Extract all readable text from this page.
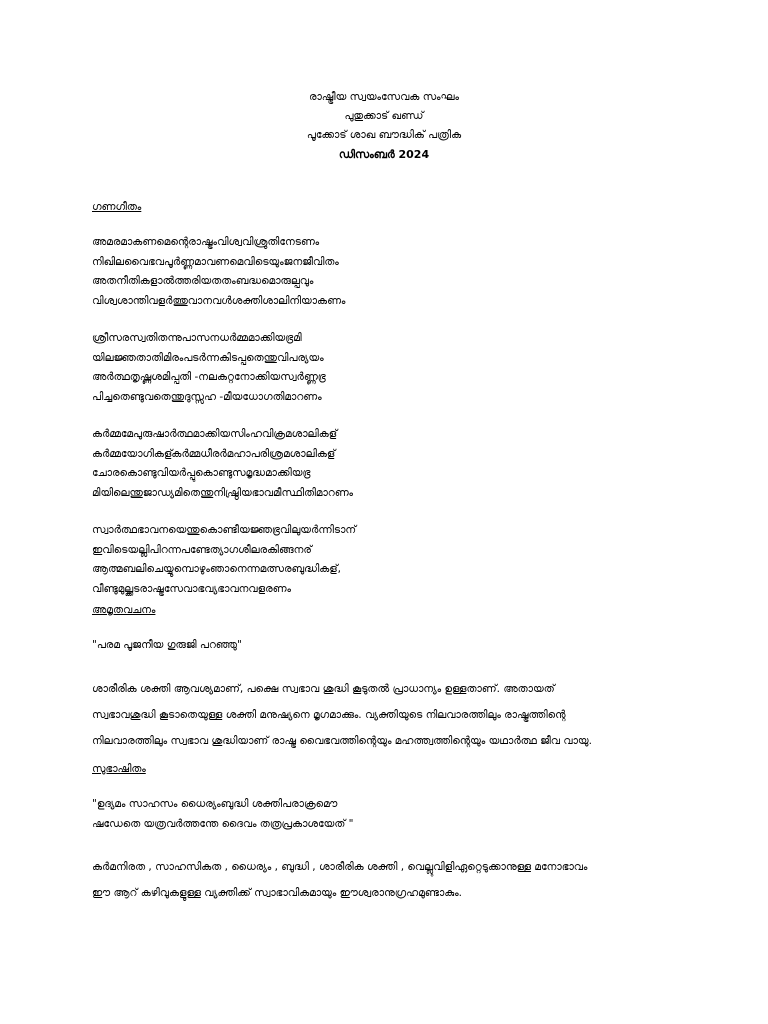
രാഷ്ട്രീയ സ്വയംസേവക സംഘം
പുതുക്കാട് ഖണ്ഡ്
പൂക്കോട് ശാഖ ബൗദ്ധിക് പത്രിക
ഡിസംബർ 2024
ഗണഗീതം
അമരമാകണമെന്റെരാഷ്ട്രംവിശ്വവിശ്രുതിനേടണം
നിഖിലവൈഭവപൂർണ്ണമാവണമെവിടെയുംജനജീവിതം
അതനീതികളാൽത്തരിയതതംബദ്ധമൊരുല്പവും
വിശ്വശാന്തിവളർത്തുവാനവൾശക്തിശാലിനിയാകണം
ശ്രീസരസ്വതിതന്നുപാസനധർമ്മമാക്കിയഭ്രമി
യിലജ്ഞതാതിമിരംപടർന്നകിടപ്പതെന്തുവിപര്യയം
അർത്ഥതൃഷ്ണശമിപ്പതി -നലകറ്റനോക്കിയസ്വർണ്ണഭ്ര
പിച്ചതെണ്ടുവതെന്തുദുസ്സഹ -മീയധോഗതിമാറണം
കർമ്മമേപുരുഷാർത്ഥമാക്കിയസിംഹവിക്രമശാലികള്
കർമ്മയോഗികള്കർമ്മധീരർമഹാപരിശ്രമശാലികള്
ചോരകൊണ്ടുവിയർപ്പുകൊണ്ടുസമൃദ്ധമാക്കിയഭ്ര
മിയിലെന്തുജാഡ്യമിതെന്തുനിഷ്ഠ്രിയഭാവമീസ്ഥിതിമാറണം
സ്വാർത്ഥഭാവനയെന്തുകൊണ്ടീയജ്ഞഭ്രവിലുയർന്നിടാന്
ഇവിടെയല്ലിപിറന്നപണ്ടേത്യാഗശീലരകിങ്ങനര്
ആത്മബലിചെയ്യുമ്പൊഴുംഞാനെന്നമത്സരബുദ്ധികള്,
വീണ്ടുമുല്ക്കടരാഷ്ട്രസേവാഭവ്യഭാവനവളരണം
അമൃതവചനം
"പരമ പൂജനീയ ഗുരുജി പറഞ്ഞു"
ശാരീരിക ശക്തി ആവശ്യമാണ്, പക്ഷെ സ്വഭാവ ശുദ്ധി കൂടുതൽ പ്രാധാന്യം ഉള്ളതാണ്. അതായത്
സ്വഭാവശുദ്ധി കൂടാതെയുള്ള ശക്തി മനുഷ്യനെ മൃഗമാക്കും. വ്യക്തിയുടെ നിലവാരത്തിലും രാഷ്ട്രത്തിന്റെ
നിലവാരത്തിലും സ്വഭാവ ശുദ്ധിയാണ് രാഷ്ട്ര വൈഭവത്തിന്റെയും മഹത്ത്വത്തിന്റെയും യഥാർത്ഥ ജീവ വായു.
സുഭാഷിതം
"ഉദ്യമം സാഹസം ധൈര്യംബുദ്ധി ശക്തിപരാക്രമൌ
ഷഡേതെ യത്രവർത്തന്തേ ദൈവം തത്രപ്രകാശയേത് "
കർമനിരത , സാഹസികത , ധൈര്യം , ബുദ്ധി , ശാരീരിക ശക്തി , വെല്ലുവിളിഏറ്റെടുക്കാനുള്ള മനോഭാവം
ഈ ആറ് കഴിവുകളുള്ള വ്യക്തിക്ക് സ്വാഭാവികമായും ഈശ്വരാനുഗ്രഹമുണ്ടാകും.
